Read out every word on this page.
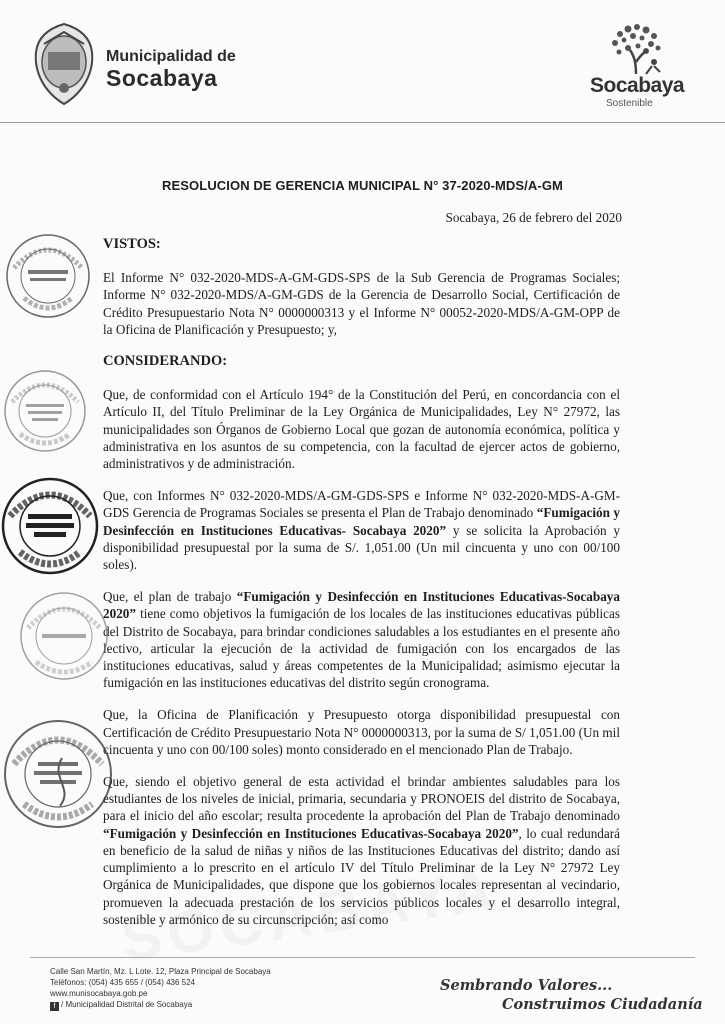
Municipalidad de
Socabaya	Socabaya
Sostenible
RESOLUCION DE GERENCIA MUNICIPAL N° 37-2020-MDS/A-GM
Socabaya, 26 de febrero del 2020
VISTOS:

El Informe N° 032-2020-MDS-A-GM-GDS-SPS de la Sub Gerencia de Programas Sociales; Informe N° 032-2020-MDS/A-GM-GDS de la Gerencia de Desarrollo Social, Certificación de Crédito Presupuestario Nota N° 0000000313 y el Informe N° 00052-2020-MDS/A-GM-OPP de la Oficina de Planificación y Presupuesto; y,

CONSIDERANDO:

Que, de conformidad con el Artículo 194° de la Constitución del Perú, en concordancia con el Artículo II, del Título Preliminar de la Ley Orgánica de Municipalidades, Ley N° 27972, las municipalidades son Órganos de Gobierno Local que gozan de autonomía económica, política y administrativa en los asuntos de su competencia, con la facultad de ejercer actos de gobierno, administrativos y de administración.

Que, con Informes N° 032-2020-MDS/A-GM-GDS-SPS e Informe N° 032-2020-MDS-A-GM-GDS Gerencia de Programas Sociales se presenta el Plan de Trabajo denominado “Fumigación y Desinfección en Instituciones Educativas- Socabaya 2020” y se solicita la Aprobación y disponibilidad presupuestal por la suma de S/. 1,051.00 (Un mil cincuenta y uno con 00/100 soles).

Que, el plan de trabajo “Fumigación y Desinfección en Instituciones Educativas-Socabaya 2020” tiene como objetivos la fumigación de los locales de las instituciones educativas públicas del Distrito de Socabaya, para brindar condiciones saludables a los estudiantes en el presente año lectivo, articular la ejecución de la actividad de fumigación con los encargados de las instituciones educativas, salud y áreas competentes de la Municipalidad; asimismo ejecutar la fumigación en las instituciones educativas del distrito según cronograma.

Que, la Oficina de Planificación y Presupuesto otorga disponibilidad presupuestal con Certificación de Crédito Presupuestario Nota N° 0000000313, por la suma de S/ 1,051.00 (Un mil cincuenta y uno con 00/100 soles) monto considerado en el mencionado Plan de Trabajo.

Que, siendo el objetivo general de esta actividad el brindar ambientes saludables para los estudiantes de los niveles de inicial, primaria, secundaria y PRONOEIS del distrito de Socabaya, para el inicio del año escolar; resulta procedente la aprobación del Plan de Trabajo denominado “Fumigación y Desinfección en Instituciones Educativas-Socabaya 2020”, lo cual redundará en beneficio de la salud de niñas y niños de las Instituciones Educativas del distrito; dando así cumplimiento a lo prescrito en el artículo IV del Título Preliminar de la Ley N° 27972 Ley Orgánica de Municipalidades, que dispone que los gobiernos locales representan al vecindario, promueven la adecuada prestación de los servicios públicos locales y el desarrollo integral, sostenible y armónico de su circunscripción; así como

Calle San Martín, Mz. L Lote. 12, Plaza Principal de Socabaya
Teléfonos: (054) 435 655 / (054) 436 524
www.munisocabaya.gob.pe
f / Municipalidad Distrital de Socabaya
Sembrando Valores...
Construimos Ciudadanía
